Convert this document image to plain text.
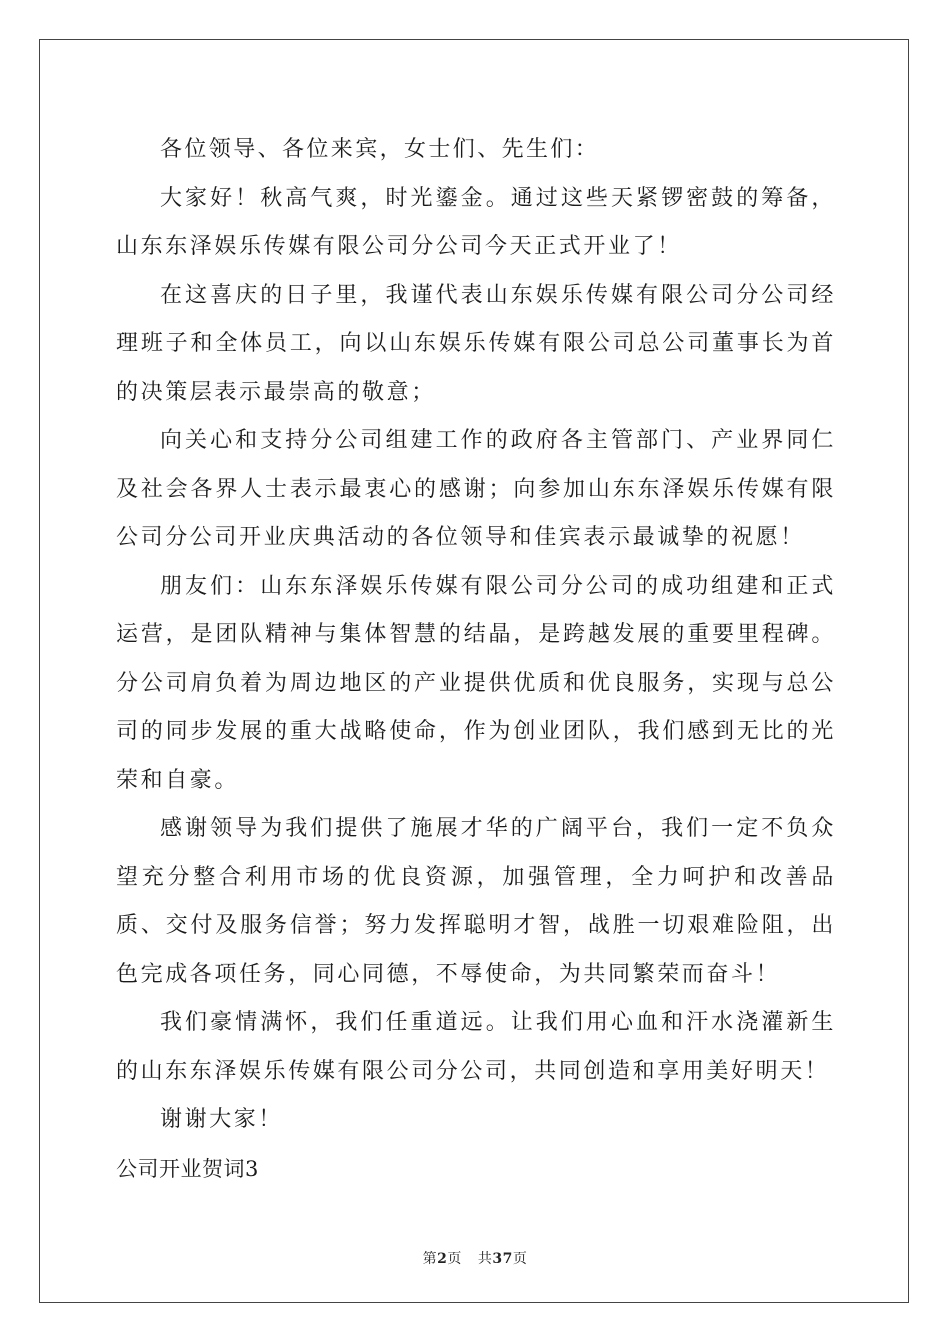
各位领导、各位来宾，女士们、先生们：

大家好！秋高气爽，时光鎏金。通过这些天紧锣密鼓的筹备，山东东泽娱乐传媒有限公司分公司今天正式开业了！

在这喜庆的日子里，我谨代表山东娱乐传媒有限公司分公司经理班子和全体员工，向以山东娱乐传媒有限公司总公司董事长为首的决策层表示最崇高的敬意；

向关心和支持分公司组建工作的政府各主管部门、产业界同仁及社会各界人士表示最衷心的感谢；向参加山东东泽娱乐传媒有限公司分公司开业庆典活动的各位领导和佳宾表示最诚挚的祝愿！

朋友们：山东东泽娱乐传媒有限公司分公司的成功组建和正式运营，是团队精神与集体智慧的结晶，是跨越发展的重要里程碑。分公司肩负着为周边地区的产业提供优质和优良服务，实现与总公司的同步发展的重大战略使命，作为创业团队，我们感到无比的光荣和自豪。

感谢领导为我们提供了施展才华的广阔平台，我们一定不负众望充分整合利用市场的优良资源，加强管理，全力呵护和改善品质、交付及服务信誉；努力发挥聪明才智，战胜一切艰难险阻，出色完成各项任务，同心同德，不辱使命，为共同繁荣而奋斗！

我们豪情满怀，我们任重道远。让我们用心血和汗水浇灌新生的山东东泽娱乐传媒有限公司分公司，共同创造和享用美好明天！

谢谢大家！

公司开业贺词3

第2页 共37页
